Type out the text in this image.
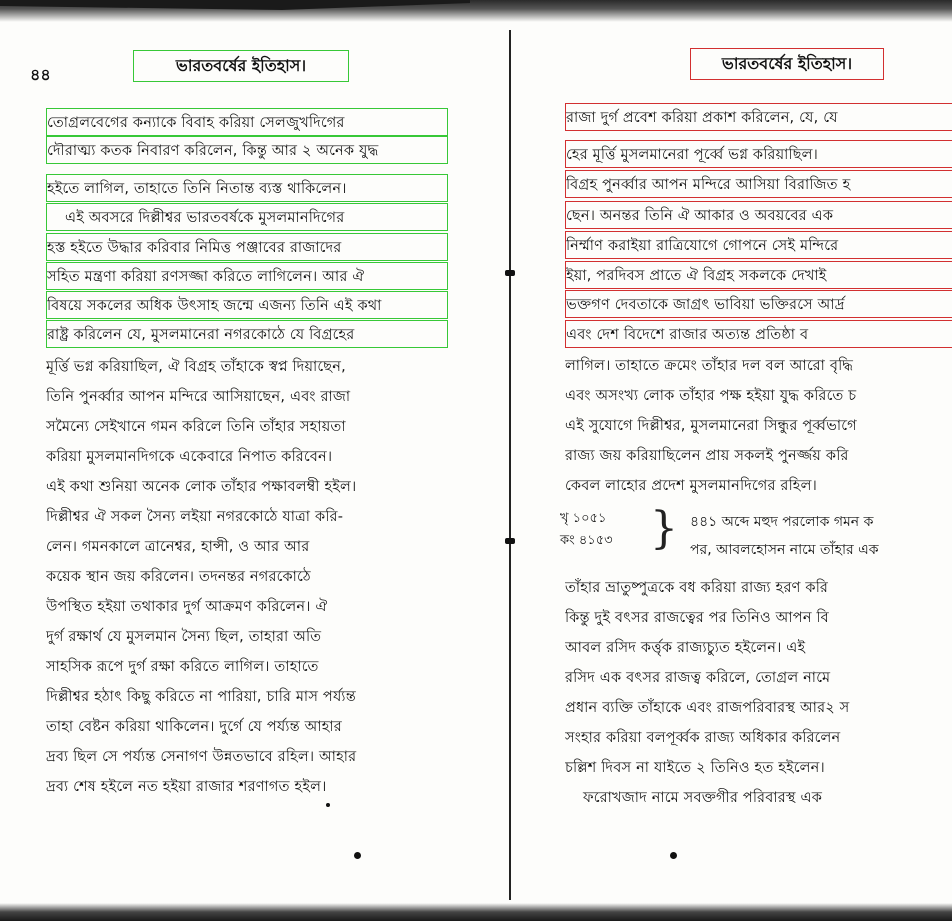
৪৪	ভারতবর্ষের ইতিহাস।
তোগ্রলবেগের কন্যাকে বিবাহ করিয়া সেলজুখদিগের
দৌরাত্ম্য কতক নিবারণ করিলেন, কিন্তু আর ২ অনেক যুদ্ধ
হইতে লাগিল, তাহাতে তিনি নিতান্ত ব্যস্ত থাকিলেন।
এই অবসরে দিল্লীশ্বর ভারতবর্ষকে মুসলমানদিগের
হস্ত হইতে উদ্ধার করিবার নিমিত্ত পঞ্জাবের রাজাদের
সহিত মন্ত্রণা করিয়া রণসজ্জা করিতে লাগিলেন। আর ঐ
বিষয়ে সকলের অধিক উৎসাহ জন্মে এজন্য তিনি এই কথা
রাষ্ট্র করিলেন যে, মুসলমানেরা নগরকোঠে যে বিগ্রহের
মূর্ত্তি ভগ্ন করিয়াছিল, ঐ বিগ্রহ তাঁহাকে স্বপ্ন দিয়াছেন,
তিনি পুনর্ব্বার আপন মন্দিরে আসিয়াছেন, এবং রাজা
সমৈন্যে সেইখানে গমন করিলে তিনি তাঁহার সহায়তা
করিয়া মুসলমানদিগকে একেবারে নিপাত করিবেন।
এই কথা শুনিয়া অনেক লোক তাঁহার পক্ষাবলম্বী হইল।
দিল্লীশ্বর ঐ সকল সৈন্য লইয়া নগরকোঠে যাত্রা করি-
লেন। গমনকালে ত্রানেশ্বর, হান্সী, ও আর আর
কয়েক স্থান জয় করিলেন। তদনন্তর নগরকোঠে
উপস্থিত হইয়া তথাকার দুর্গ আক্রমণ করিলেন। ঐ
দুর্গ রক্ষার্থ যে মুসলমান সৈন্য ছিল, তাহারা অতি
সাহসিক রূপে দুর্গ রক্ষা করিতে লাগিল। তাহাতে
দিল্লীশ্বর হঠাৎ কিছু করিতে না পারিয়া, চারি মাস পর্য্যন্ত
তাহা বেষ্টন করিয়া থাকিলেন। দুর্গে যে পর্য্যন্ত আহার
দ্রব্য ছিল সে পর্য্যন্ত সেনাগণ উন্নতভাবে রহিল। আহার
দ্রব্য শেষ হইলে নত হইয়া রাজার শরণাগত হইল।
ভারতবর্ষের ইতিহাস।
রাজা দুর্গ প্রবেশ করিয়া প্রকাশ করিলেন, যে, যে
হের মূর্ত্তি মুসলমানেরা পূর্ব্বে ভগ্ন করিয়াছিল।
বিগ্রহ পুনর্ব্বার আপন মন্দিরে আসিয়া বিরাজিত হ
ছেন। অনন্তর তিনি ঐ আকার ও অবয়বের এক
নির্ম্মাণ করাইয়া রাত্রিযোগে গোপনে সেই মন্দিরে
ইয়া, পরদিবস প্রাতে ঐ বিগ্রহ সকলকে দেখাই
ভক্তগণ দেবতাকে জাগ্রৎ ভাবিয়া ভক্তিরসে আর্দ্র
এবং দেশ বিদেশে রাজার অত্যন্ত প্রতিষ্ঠা ব
লাগিল। তাহাতে ক্রমেং তাঁহার দল বল আরো বৃদ্ধি
এবং অসংখ্য লোক তাঁহার পক্ষ হইয়া যুদ্ধ করিতে চ
এই সুযোগে দিল্লীশ্বর, মুসলমানেরা সিন্ধুর পূর্ব্বভাগে
রাজ্য জয় করিয়াছিলেন প্রায় সকলই পুনর্জ্জয় করি
কেবল লাহোর প্রদেশ মুসলমানদিগের রহিল।
তাঁহার ভ্রাতুষ্পুত্রকে বধ করিয়া রাজ্য হরণ করি
কিন্তু দুই বৎসর রাজত্বের পর তিনিও আপন বি
আবল রসিদ কর্ত্তৃক রাজ্যচ্যুত হইলেন। এই
রসিদ এক বৎসর রাজত্ব করিলে, তোগ্রল নামে
প্রধান ব্যক্তি তাঁহাকে এবং রাজপরিবারস্থ আর২ স
সংহার করিয়া বলপূর্ব্বক রাজ্য অধিকার করিলেন
চল্লিশ দিবস না যাইতে ২ তিনিও হত হইলেন।
ফরোখজাদ নামে সবক্তগীর পরিবারস্থ এক
খৃ ১০৫১
কং ৪১৫৩ } ৪৪১ অব্দে মহুদ পরলোক গমন ক
পর, আবলহোসন নামে তাঁহার এক
